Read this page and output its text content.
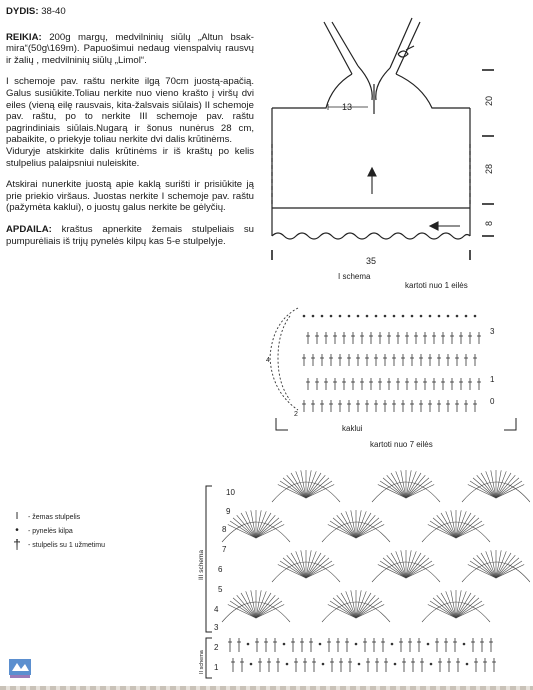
DYDIS: 38-40

REIKIA: 200g margų, medvilninių siūlų „Altun bsak-mira“(50g\169m). Papuošimui nedaug vienspalvių rausvų ir žalių , medvilninių siūlų „Limol“.

I schemoje pav. raštu nerkite ilgą 70cm juostą-apačią. Galus susiūkite.Toliau nerkite nuo vieno krašto į viršų dvi eiles (vieną eilę rausvais, kita-žalsvais siūlais) II schemoje pav. raštu, po to nerkite III schemoje pav. raštu pagrindiniais siūlais.Nugarą ir šonus nunėrus 28 cm, pabaikite, o priekyje toliau nerkite dvi dalis krūtinėms.

Viduryje atskirkite dalis krūtinėms ir iš kraštų po kelis stulpelius palaipsniui nuleiskite.

Atskirai nunerkite juostą apie kaklą surišti ir prisiūkite ją prie priekio viršaus. Juostas nerkite I schemoje pav. raštu (pažymėta kaklui), o juostų galus nerkite be gėlyčių.

APDAILA: kraštus apnerkite žemais stulpeliais su pumpurėliais iš trijų pynelės kilpų kas 5-e stulpelyje.

13
20
28
8
35
I schema
kartoti nuo 1 eilės
3
1
0
4
2
kaklui
kartoti nuo 7 eilės
III schema
II schema
10
9
8
7
6
5
4
3
2
1
I	- žemas stulpelis
•	- pynelės kilpa
†	- stulpelis su 1 užmetimu
